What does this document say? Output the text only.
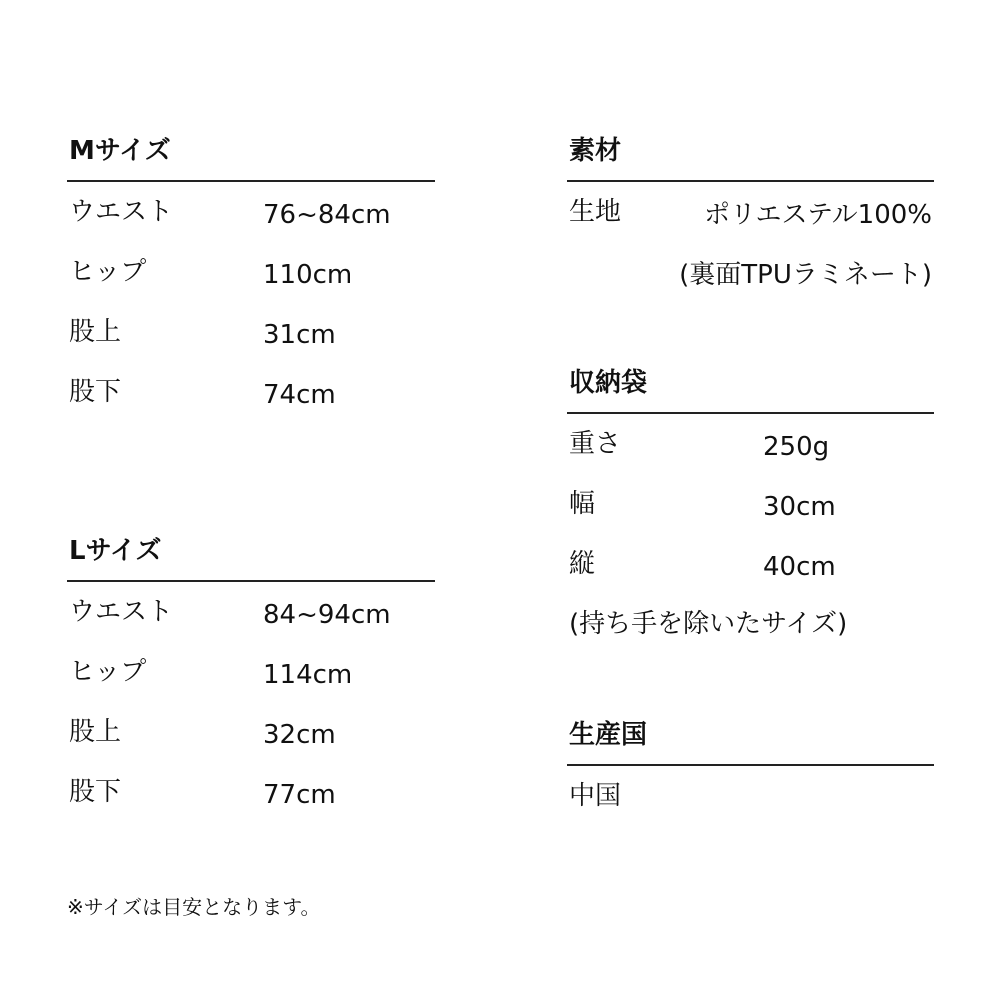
Mサイズ
ウエスト	76~84cm
ヒップ	110cm
股上	31cm
股下	74cm
Lサイズ
ウエスト	84~94cm
ヒップ	114cm
股上	32cm
股下	77cm
素材
生地	ポリエステル100%
(裏面TPUラミネート)
収納袋
重さ	250g
幅	30cm
縦	40cm
(持ち手を除いたサイズ)
生産国
中国
※サイズは目安となります。
